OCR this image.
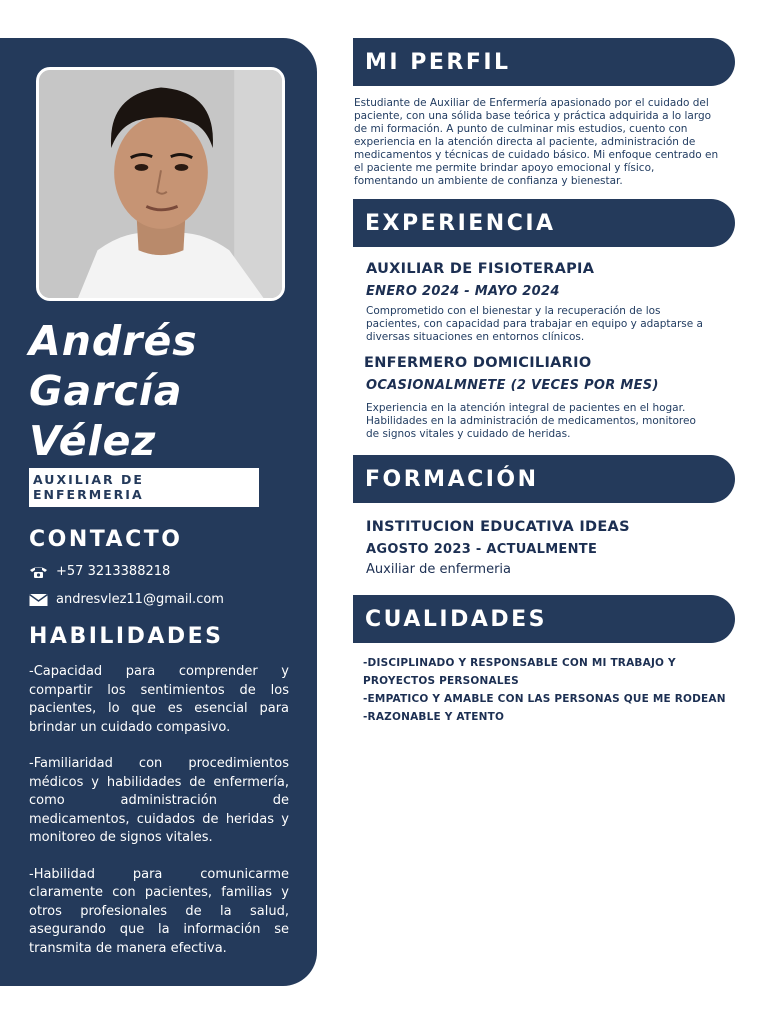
Andrés
García
Vélez
AUXILIAR DE ENFERMERIA
CONTACTO
+57 3213388218
andresvlez11@gmail.com
HABILIDADES

-Capacidad para comprender y compartir los sentimientos de los pacientes, lo que es esencial para brindar un cuidado compasivo.

-Familiaridad con procedimientos médicos y habilidades de enfermería, como administración de medicamentos, cuidados de heridas y monitoreo de signos vitales.

-Habilidad para comunicarme claramente con pacientes, familias y otros profesionales de la salud, asegurando que la información se transmita de manera efectiva.

MI PERFIL
Estudiante de Auxiliar de Enfermería apasionado por el cuidado del paciente, con una sólida base teórica y práctica adquirida a lo largo de mi formación. A punto de culminar mis estudios, cuento con experiencia en la atención directa al paciente, administración de medicamentos y técnicas de cuidado básico. Mi enfoque centrado en el paciente me permite brindar apoyo emocional y físico, fomentando un ambiente de confianza y bienestar.
EXPERIENCIA
AUXILIAR DE FISIOTERAPIA
ENERO 2024 - MAYO 2024
Comprometido con el bienestar y la recuperación de los pacientes, con capacidad para trabajar en equipo y adaptarse a diversas situaciones en entornos clínicos.
ENFERMERO DOMICILIARIO
OCASIONALMNETE (2 VECES POR MES)
Experiencia en la atención integral de pacientes en el hogar. Habilidades en la administración de medicamentos, monitoreo de signos vitales y cuidado de heridas.
FORMACIÓN
INSTITUCION EDUCATIVA IDEAS
AGOSTO 2023 - ACTUALMENTE
Auxiliar de enfermeria
CUALIDADES
-DISCIPLINADO Y RESPONSABLE CON MI TRABAJO Y PROYECTOS PERSONALES
-EMPATICO Y AMABLE CON LAS PERSONAS QUE ME RODEAN
-RAZONABLE Y ATENTO
